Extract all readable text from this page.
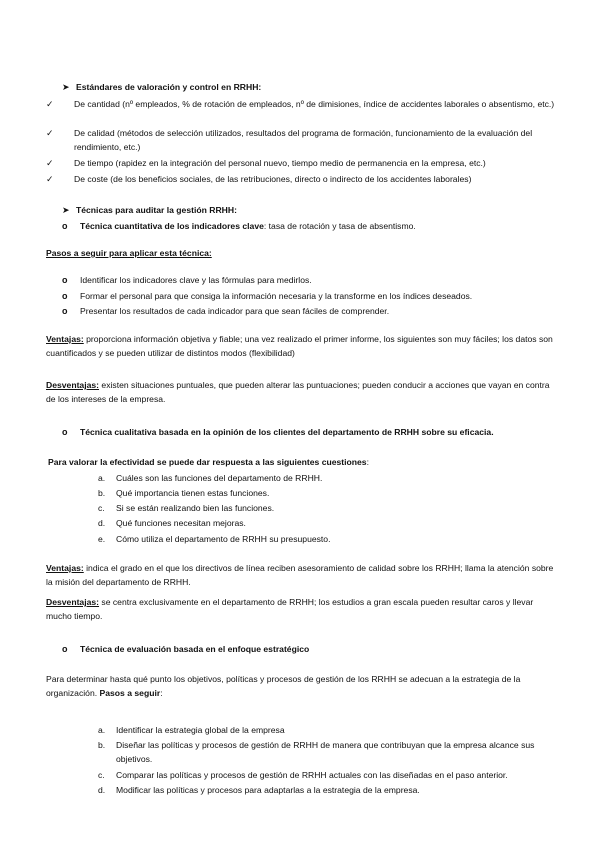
➤ Estándares de valoración y control en RRHH:
✓	De cantidad (nº empleados, % de rotación de empleados, nº de dimisiones, índice de accidentes laborales o absentismo, etc.)
✓	De calidad (métodos de selección utilizados, resultados del programa de formación, funcionamiento de la evaluación del rendimiento, etc.)
✓	De tiempo (rapidez en la integración del personal nuevo, tiempo medio de permanencia en la empresa, etc.)
✓	De coste (de los beneficios sociales, de las retribuciones, directo o indirecto de los accidentes laborales)
➤ Técnicas para auditar la gestión RRHH:
o	Técnica cuantitativa de los indicadores clave: tasa de rotación y tasa de absentismo.
Pasos a seguir para aplicar esta técnica:
o	Identificar los indicadores clave y las fórmulas para medirlos.
o	Formar el personal para que consiga la información necesaria y la transforme en los índices deseados.
o	Presentar los resultados de cada indicador para que sean fáciles de comprender.
Ventajas: proporciona información objetiva y fiable; una vez realizado el primer informe, los siguientes son muy fáciles; los datos son cuantificados y se pueden utilizar de distintos modos (flexibilidad)
Desventajas: existen situaciones puntuales, que pueden alterar las puntuaciones; pueden conducir a acciones que vayan en contra de los intereses de la empresa.
o	Técnica cualitativa basada en la opinión de los clientes del departamento de RRHH sobre su eficacia.
Para valorar la efectividad se puede dar respuesta a las siguientes cuestiones:
a.	Cuáles son las funciones del departamento de RRHH.
b.	Qué importancia tienen estas funciones.
c.	Si se están realizando bien las funciones.
d.	Qué funciones necesitan mejoras.
e.	Cómo utiliza el departamento de RRHH su presupuesto.
Ventajas: indica el grado en el que los directivos de línea reciben asesoramiento de calidad sobre los RRHH; llama la atención sobre la misión del departamento de RRHH.
Desventajas: se centra exclusivamente en el departamento de RRHH; los estudios a gran escala pueden resultar caros y llevar mucho tiempo.
o	Técnica de evaluación basada en el enfoque estratégico
Para determinar hasta qué punto los objetivos, políticas y procesos de gestión de los RRHH se adecuan a la estrategia de la organización. Pasos a seguir:
a.	Identificar la estrategia global de la empresa
b.	Diseñar las políticas y procesos de gestión de RRHH de manera que contribuyan que la empresa alcance sus objetivos.
c.	Comparar las políticas y procesos de gestión de RRHH actuales con las diseñadas en el paso anterior.
d.	Modificar las políticas y procesos para adaptarlas a la estrategia de la empresa.
